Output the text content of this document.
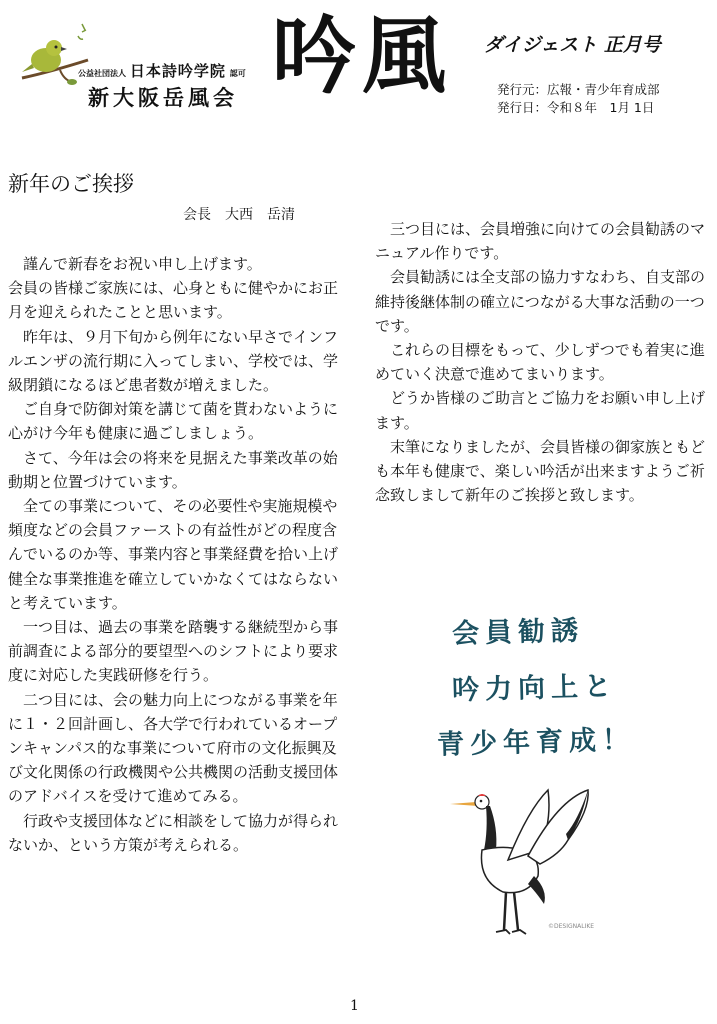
公益社団法人 日本詩吟学院 認可
新大阪岳風会 吟風 ダイジェスト 正月号
発行元：広報・青少年育成部
発行日：令和８年　1月 1日
新年のご挨拶
会長　大西　岳清

謹んで新春をお祝い申し上げます。

会員の皆様ご家族には、心身ともに健やかにお正月を迎えられたことと思います。

昨年は、９月下旬から例年にない早さでインフルエンザの流行期に入ってしまい、学校では、学級閉鎖になるほど患者数が増えました。

ご自身で防御対策を講じて菌を貰わないように心がけ今年も健康に過ごしましょう。

さて、今年は会の将来を見据えた事業改革の始動期と位置づけています。

全ての事業について、その必要性や実施規模や頻度などの会員ファーストの有益性がどの程度含んでいるのか等、事業内容と事業経費を拾い上げ健全な事業推進を確立していかなくてはならないと考えています。

一つ目は、過去の事業を踏襲する継続型から事前調査による部分的要望型へのシフトにより要求度に対応した実践研修を行う。

二つ目には、会の魅力向上につながる事業を年に１・２回計画し、各大学で行われているオープンキャンパス的な事業について府市の文化振興及び文化関係の行政機関や公共機関の活動支援団体のアドバイスを受けて進めてみる。

行政や支援団体などに相談をして協力が得られないか、という方策が考えられる。

三つ目には、会員増強に向けての会員勧誘のマニュアル作りです。

会員勧誘には全支部の協力すなわち、自支部の維持後継体制の確立につながる大事な活動の一つです。

これらの目標をもって、少しずつでも着実に進めていく決意で進めてまいります。

どうか皆様のご助言とご協力をお願い申し上げます。

末筆になりましたが、会員皆様の御家族ともども本年も健康で、楽しい吟活が出来ますようご祈念致しまして新年のご挨拶と致します。

会員勧誘
吟力向上と
青少年育成！
©DESIGNALIKE
1
